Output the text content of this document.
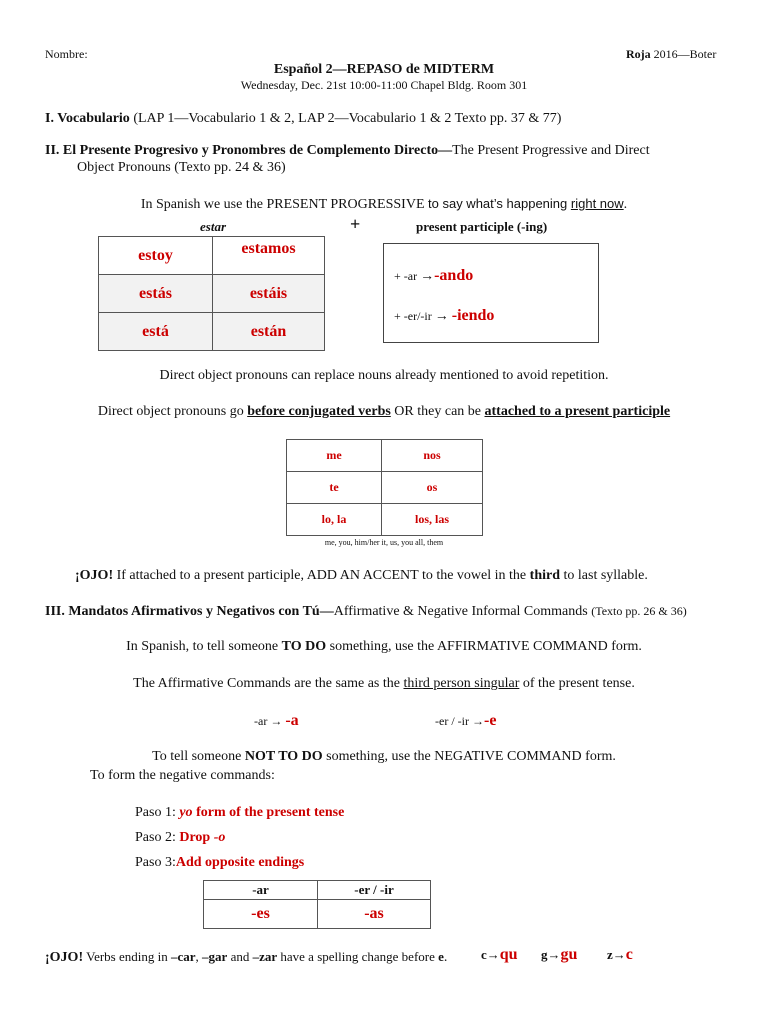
Nombre:	Roja 2016—Boter
Español 2—REPASO de MIDTERM
Wednesday, Dec. 21st 10:00-11:00 Chapel Bldg. Room 301
I. Vocabulario (LAP 1—Vocabulario 1 & 2, LAP 2—Vocabulario 1 & 2 Texto pp. 37 & 77)
II. El Presente Progresivo y Pronombres de Complemento Directo—The Present Progressive and Direct
Object Pronouns (Texto pp. 24 & 36)
In Spanish we use the PRESENT PROGRESSIVE to say what’s happening right now.
estar	+	present participle (-ing)
estoy	estamos
estás	estáis
está	están
+ -ar →-ando
+ -er/-ir → -iendo
Direct object pronouns can replace nouns already mentioned to avoid repetition.
Direct object pronouns go before conjugated verbs OR they can be attached to a present participle
me	nos
te	os
lo, la	los, las
me, you, him/her it, us, you all, them
¡OJO! If attached to a present participle, ADD AN ACCENT to the vowel in the third to last syllable.
III. Mandatos Afirmativos y Negativos con Tú—Affirmative & Negative Informal Commands (Texto pp. 26 & 36)
In Spanish, to tell someone TO DO something, use the AFFIRMATIVE COMMAND form.
The Affirmative Commands are the same as the third person singular of the present tense.
-ar → -a	-er / -ir →-e
To tell someone NOT TO DO something, use the NEGATIVE COMMAND form.
To form the negative commands:
Paso 1: yo form of the present tense
Paso 2: Drop -o
Paso 3:Add opposite endings
-ar	-er / -ir
-es	-as
¡OJO! Verbs ending in –car, –gar and –zar have a spelling change before e.	c→qu g→gu z→c
